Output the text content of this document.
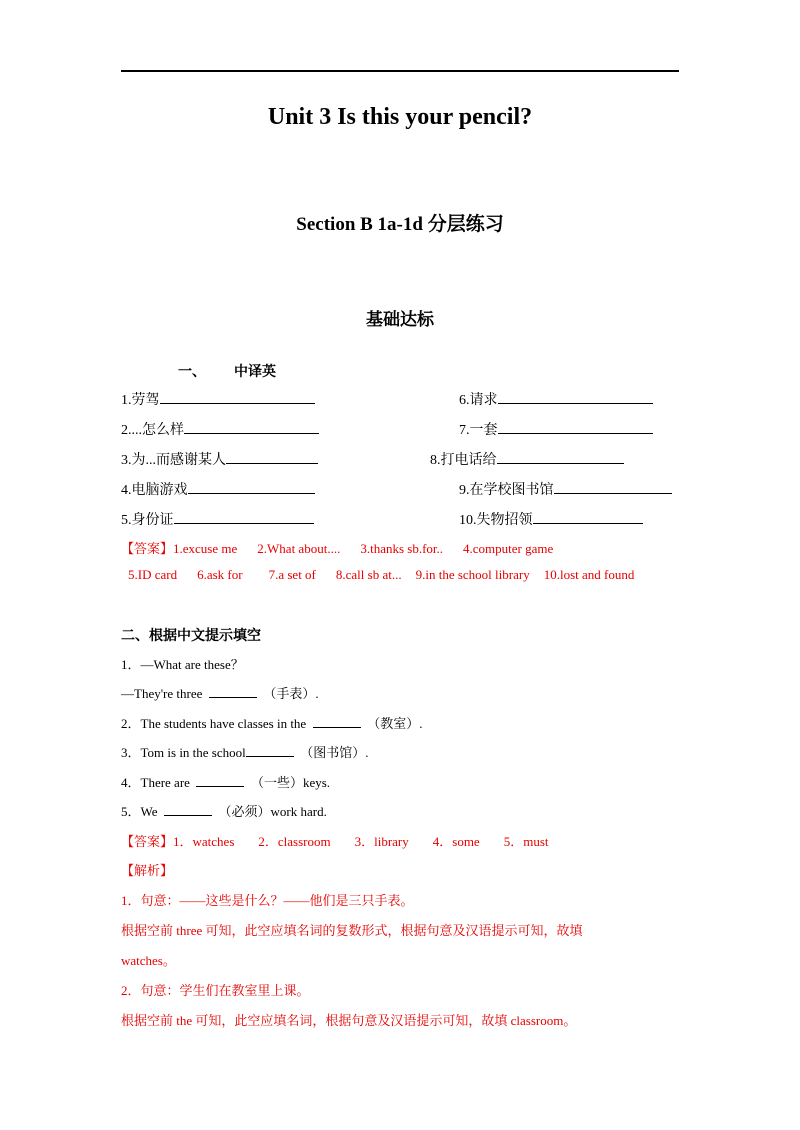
Unit 3 Is this your pencil?
Section B 1a-1d 分层练习
基础达标
一、 中译英
1.劳驾
2....怎么样
3.为...而感谢某人
4.电脑游戏
5.身份证
6.请求
7.一套
8.打电话给
9.在学校图书馆
10.失物招领
【答案】1.excuse me 2.What about.... 3.thanks sb.for.. 4.computer game
5.ID card 6.ask for 7.a set of 8.call sb at... 9.in the school library 10.lost and found
二、根据中文提示填空
1．—What are these？
—They're three	（手表）.
2．The students have classes in the	（教室）.
3．Tom is in the school	（图书馆）.
4．There are	（一些）keys.
5．We	（必须）work hard.
【答案】1．watches 2．classroom 3．library 4．some 5．must
【解析】
1．句意：——这些是什么？——他们是三只手表。
根据空前 three 可知，此空应填名词的复数形式，根据句意及汉语提示可知，故填
watches。
2．句意：学生们在教室里上课。
根据空前 the 可知，此空应填名词，根据句意及汉语提示可知，故填 classroom。
